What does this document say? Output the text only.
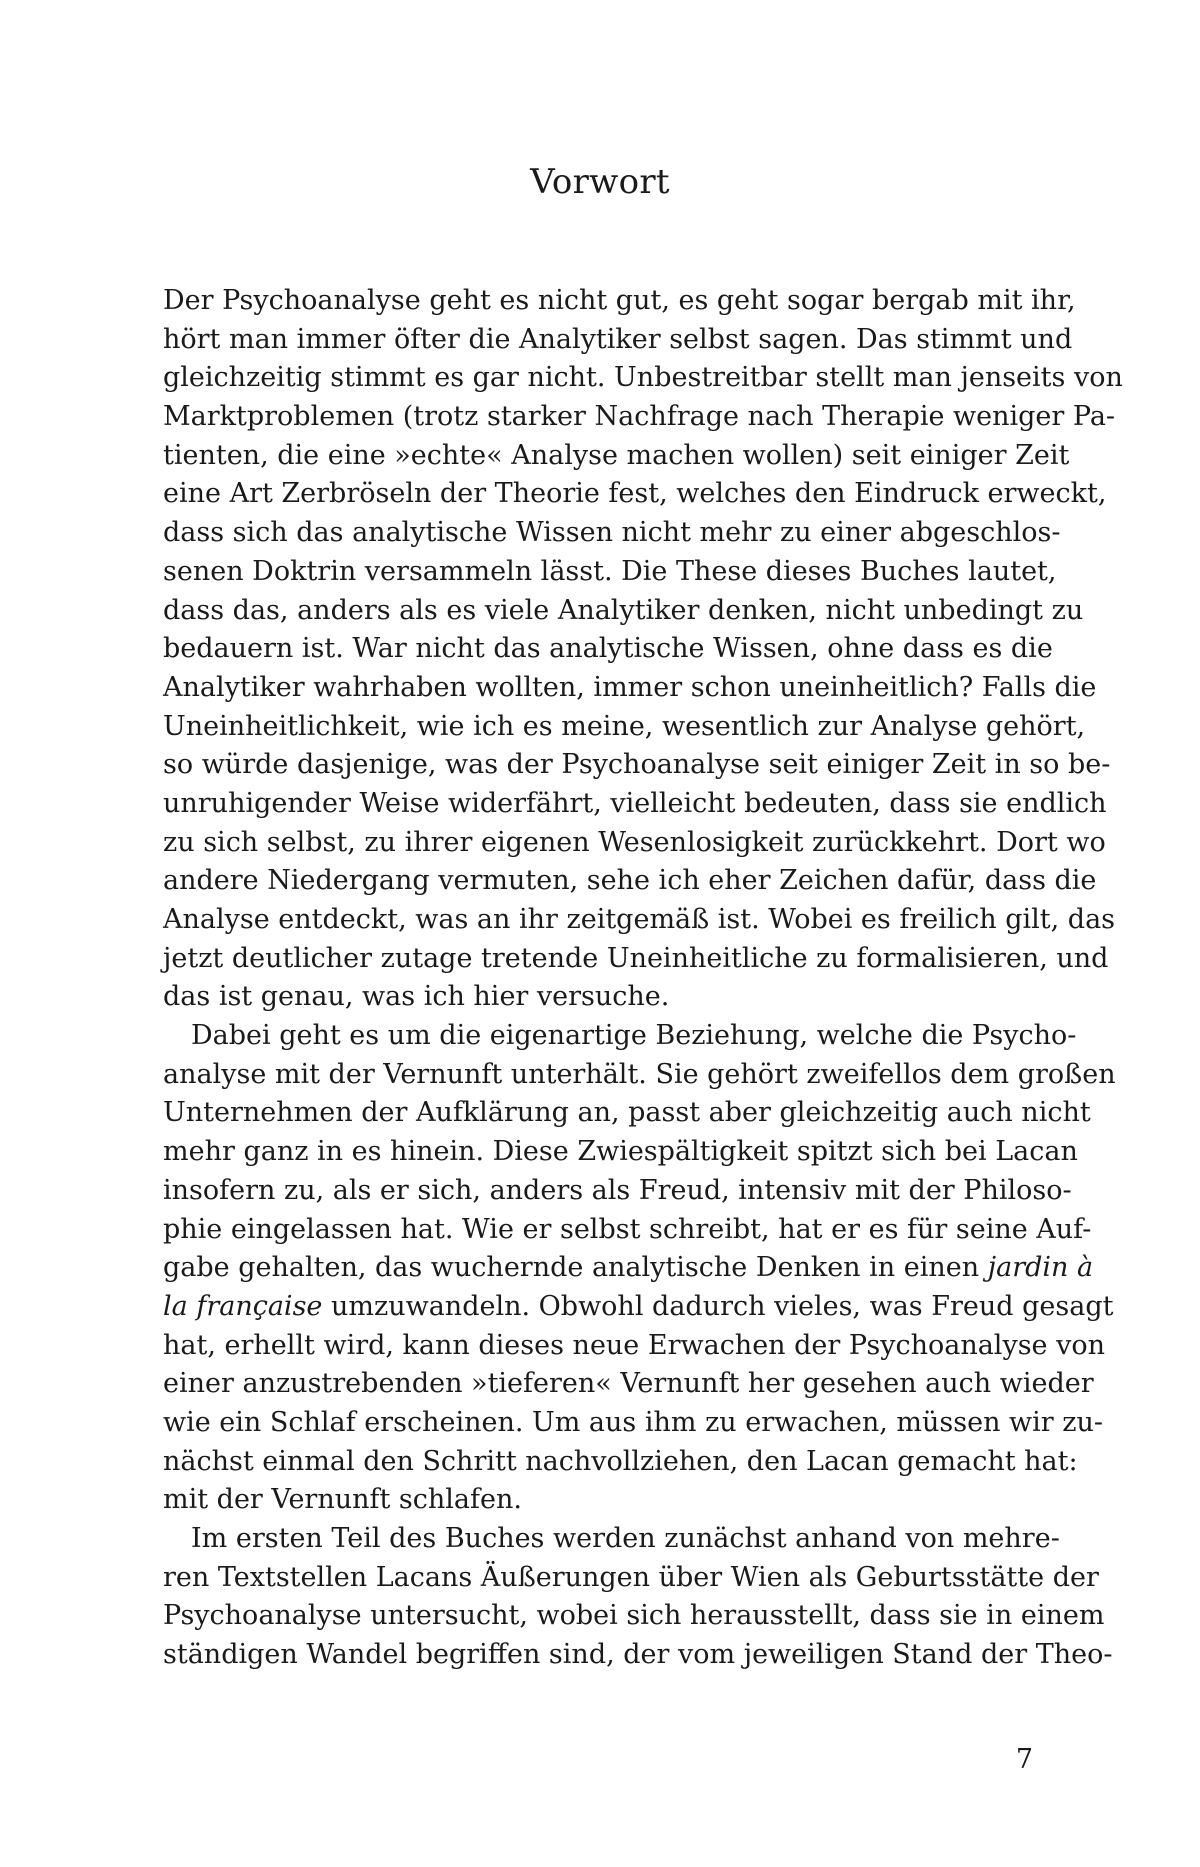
Vorwort
Der Psychoanalyse geht es nicht gut, es geht sogar bergab mit ihr,
hört man immer öfter die Analytiker selbst sagen. Das stimmt und
gleichzeitig stimmt es gar nicht. Unbestreitbar stellt man jenseits von
Marktproblemen (trotz starker Nachfrage nach Therapie weniger Pa-
tienten, die eine »echte« Analyse machen wollen) seit einiger Zeit
eine Art Zerbröseln der Theorie fest, welches den Eindruck erweckt,
dass sich das analytische Wissen nicht mehr zu einer abgeschlos-
senen Doktrin versammeln lässt. Die These dieses Buches lautet,
dass das, anders als es viele Analytiker denken, nicht unbedingt zu
bedauern ist. War nicht das analytische Wissen, ohne dass es die
Analytiker wahrhaben wollten, immer schon uneinheitlich? Falls die
Uneinheitlichkeit, wie ich es meine, wesentlich zur Analyse gehört,
so würde dasjenige, was der Psychoanalyse seit einiger Zeit in so be-
unruhigender Weise widerfährt, vielleicht bedeuten, dass sie endlich
zu sich selbst, zu ihrer eigenen Wesenlosigkeit zurückkehrt. Dort wo
andere Niedergang vermuten, sehe ich eher Zeichen dafür, dass die
Analyse entdeckt, was an ihr zeitgemäß ist. Wobei es freilich gilt, das
jetzt deutlicher zutage tretende Uneinheitliche zu formalisieren, und
das ist genau, was ich hier versuche.
Dabei geht es um die eigenartige Beziehung, welche die Psycho-
analyse mit der Vernunft unterhält. Sie gehört zweifellos dem großen
Unternehmen der Aufklärung an, passt aber gleichzeitig auch nicht
mehr ganz in es hinein. Diese Zwiespältigkeit spitzt sich bei Lacan
insofern zu, als er sich, anders als Freud, intensiv mit der Philoso-
phie eingelassen hat. Wie er selbst schreibt, hat er es für seine Auf-
gabe gehalten, das wuchernde analytische Denken in einen jardin à
la française umzuwandeln. Obwohl dadurch vieles, was Freud gesagt
hat, erhellt wird, kann dieses neue Erwachen der Psychoanalyse von
einer anzustrebenden »tieferen« Vernunft her gesehen auch wieder
wie ein Schlaf erscheinen. Um aus ihm zu erwachen, müssen wir zu-
nächst einmal den Schritt nachvollziehen, den Lacan gemacht hat:
mit der Vernunft schlafen.
Im ersten Teil des Buches werden zunächst anhand von mehre-
ren Textstellen Lacans Äußerungen über Wien als Geburtsstätte der
Psychoanalyse untersucht, wobei sich herausstellt, dass sie in einem
ständigen Wandel begriffen sind, der vom jeweiligen Stand der Theo-
7
